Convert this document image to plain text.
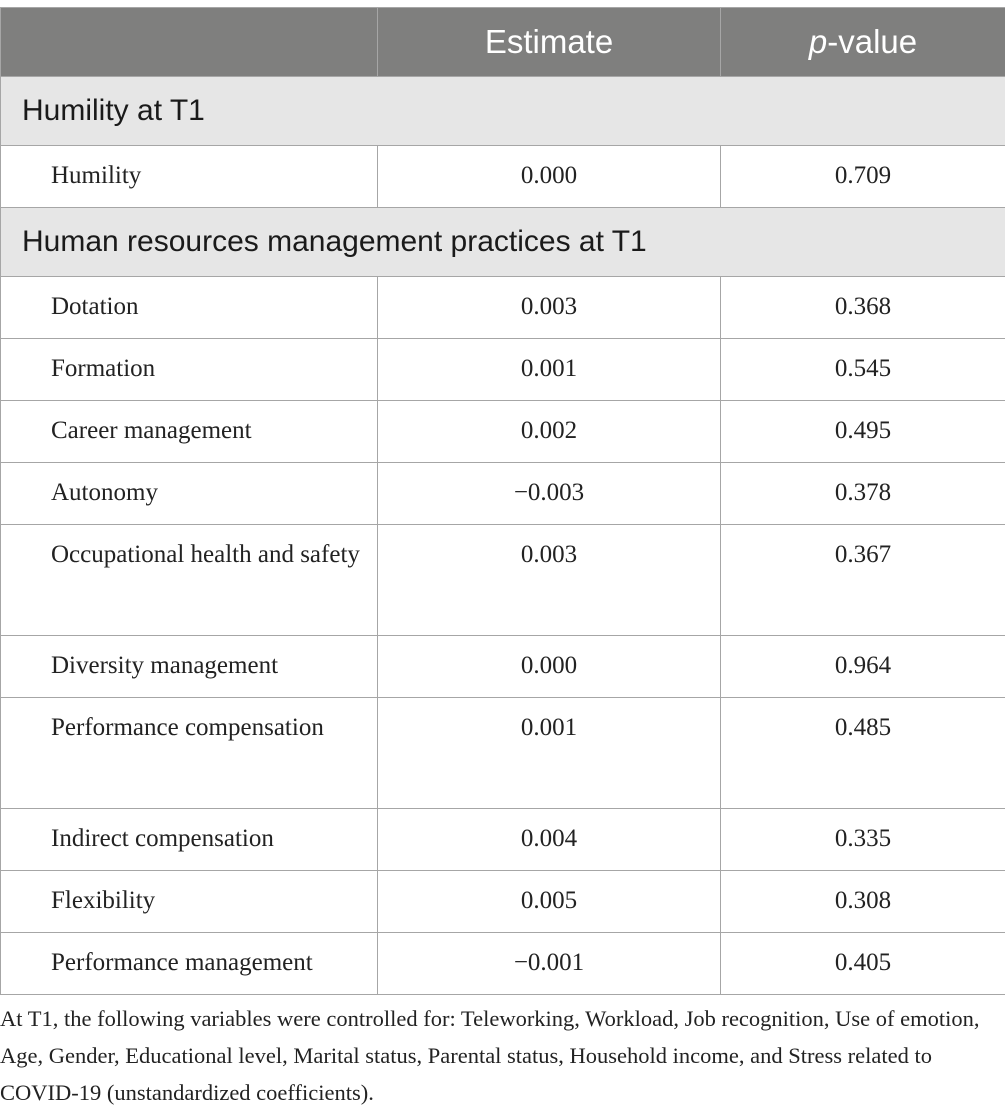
	Estimate	p-value
Humility at T1		
Humility	0.000	0.709
Human resources management practices at T1		
Dotation	0.003	0.368
Formation	0.001	0.545
Career management	0.002	0.495
Autonomy	−0.003	0.378
Occupational health and safety	0.003	0.367
Diversity management	0.000	0.964
Performance compensation	0.001	0.485
Indirect compensation	0.004	0.335
Flexibility	0.005	0.308
Performance management	−0.001	0.405
At T1, the following variables were controlled for: Teleworking, Workload, Job recognition, Use of emotion, Age, Gender, Educational level, Marital status, Parental status, Household income, and Stress related to COVID-19 (unstandardized coefficients).
